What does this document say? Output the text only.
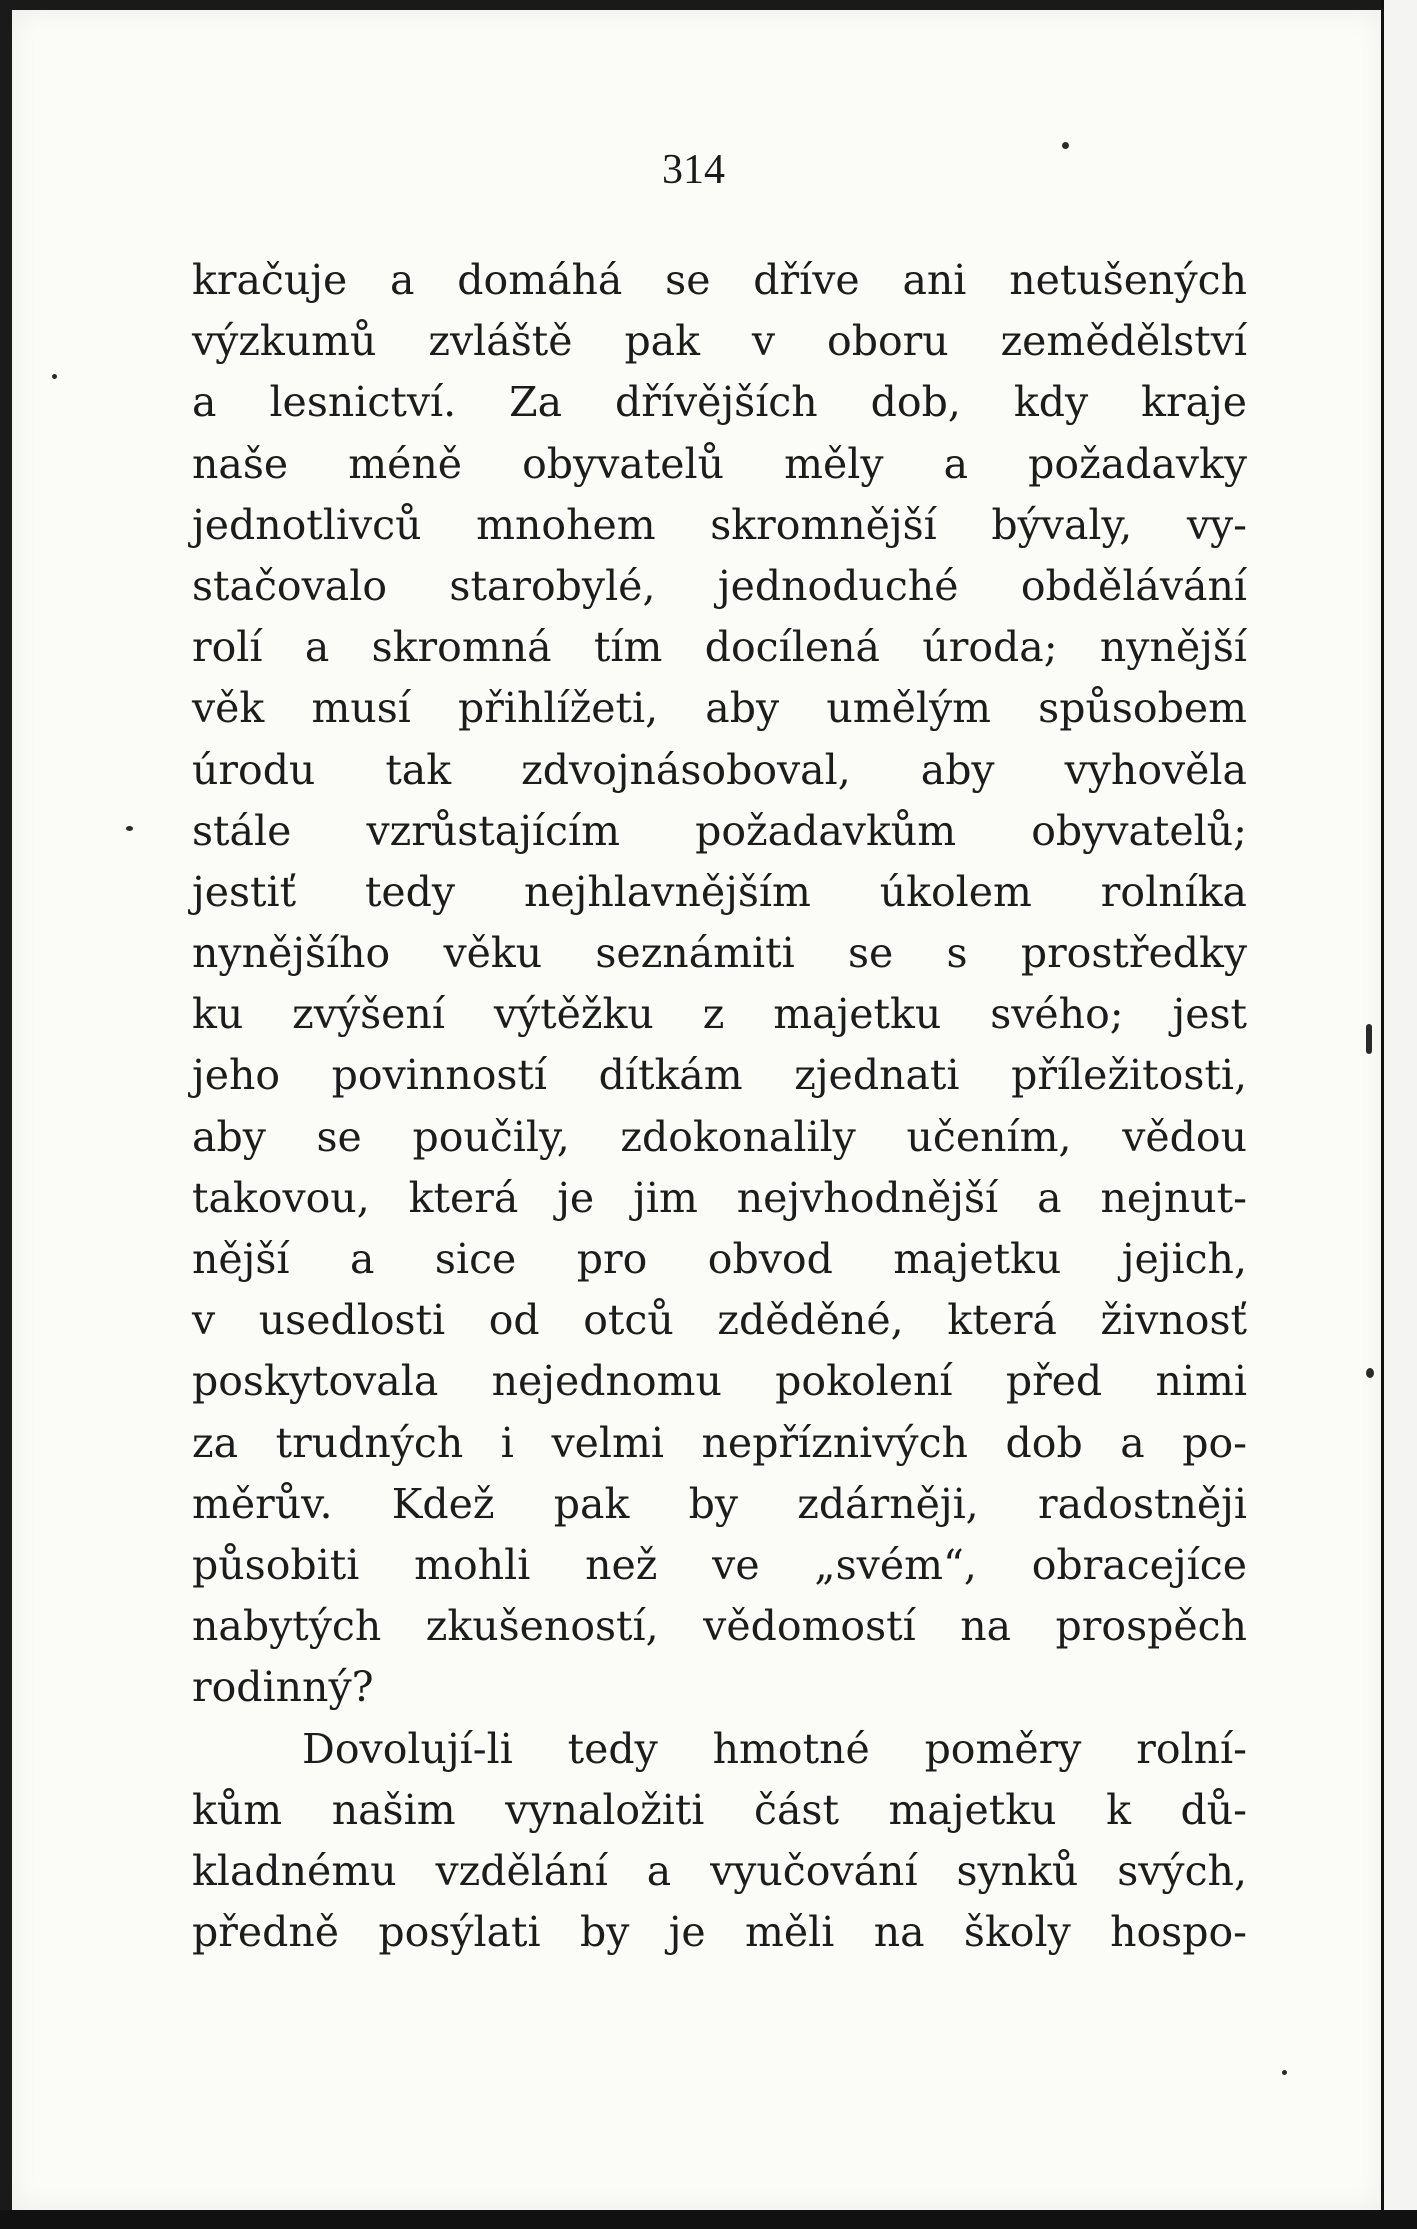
314
kračuje a domáhá se dříve ani netušených
výzkumů zvláště pak v oboru zemědělství
a lesnictví. Za dřívějších dob, kdy kraje
naše méně obyvatelů měly a požadavky
jednotlivců mnohem skromnější bývaly, vy-
stačovalo starobylé, jednoduché obdělávání
rolí a skromná tím docílená úroda; nynější
věk musí přihlížeti, aby umělým spůsobem
úrodu tak zdvojnásoboval, aby vyhověla
stále vzrůstajícím požadavkům obyvatelů;
jestiť tedy nejhlavnějším úkolem rolníka
nynějšího věku seznámiti se s prostředky
ku zvýšení výtěžku z majetku svého; jest
jeho povinností dítkám zjednati příležitosti,
aby se poučily, zdokonalily učením, vědou
takovou, která je jim nejvhodnější a nejnut-
nější a sice pro obvod majetku jejich,
v usedlosti od otců zděděné, která živnosť
poskytovala nejednomu pokolení před nimi
za trudných i velmi nepříznivých dob a po-
měrův. Kdež pak by zdárněji, radostněji
působiti mohli než ve „svém“, obracejíce
nabytých zkušeností, vědomostí na prospěch
rodinný?
Dovolují-li tedy hmotné poměry rolní-
kům našim vynaložiti část majetku k dů-
kladnému vzdělání a vyučování synků svých,
předně posýlati by je měli na školy hospo-
